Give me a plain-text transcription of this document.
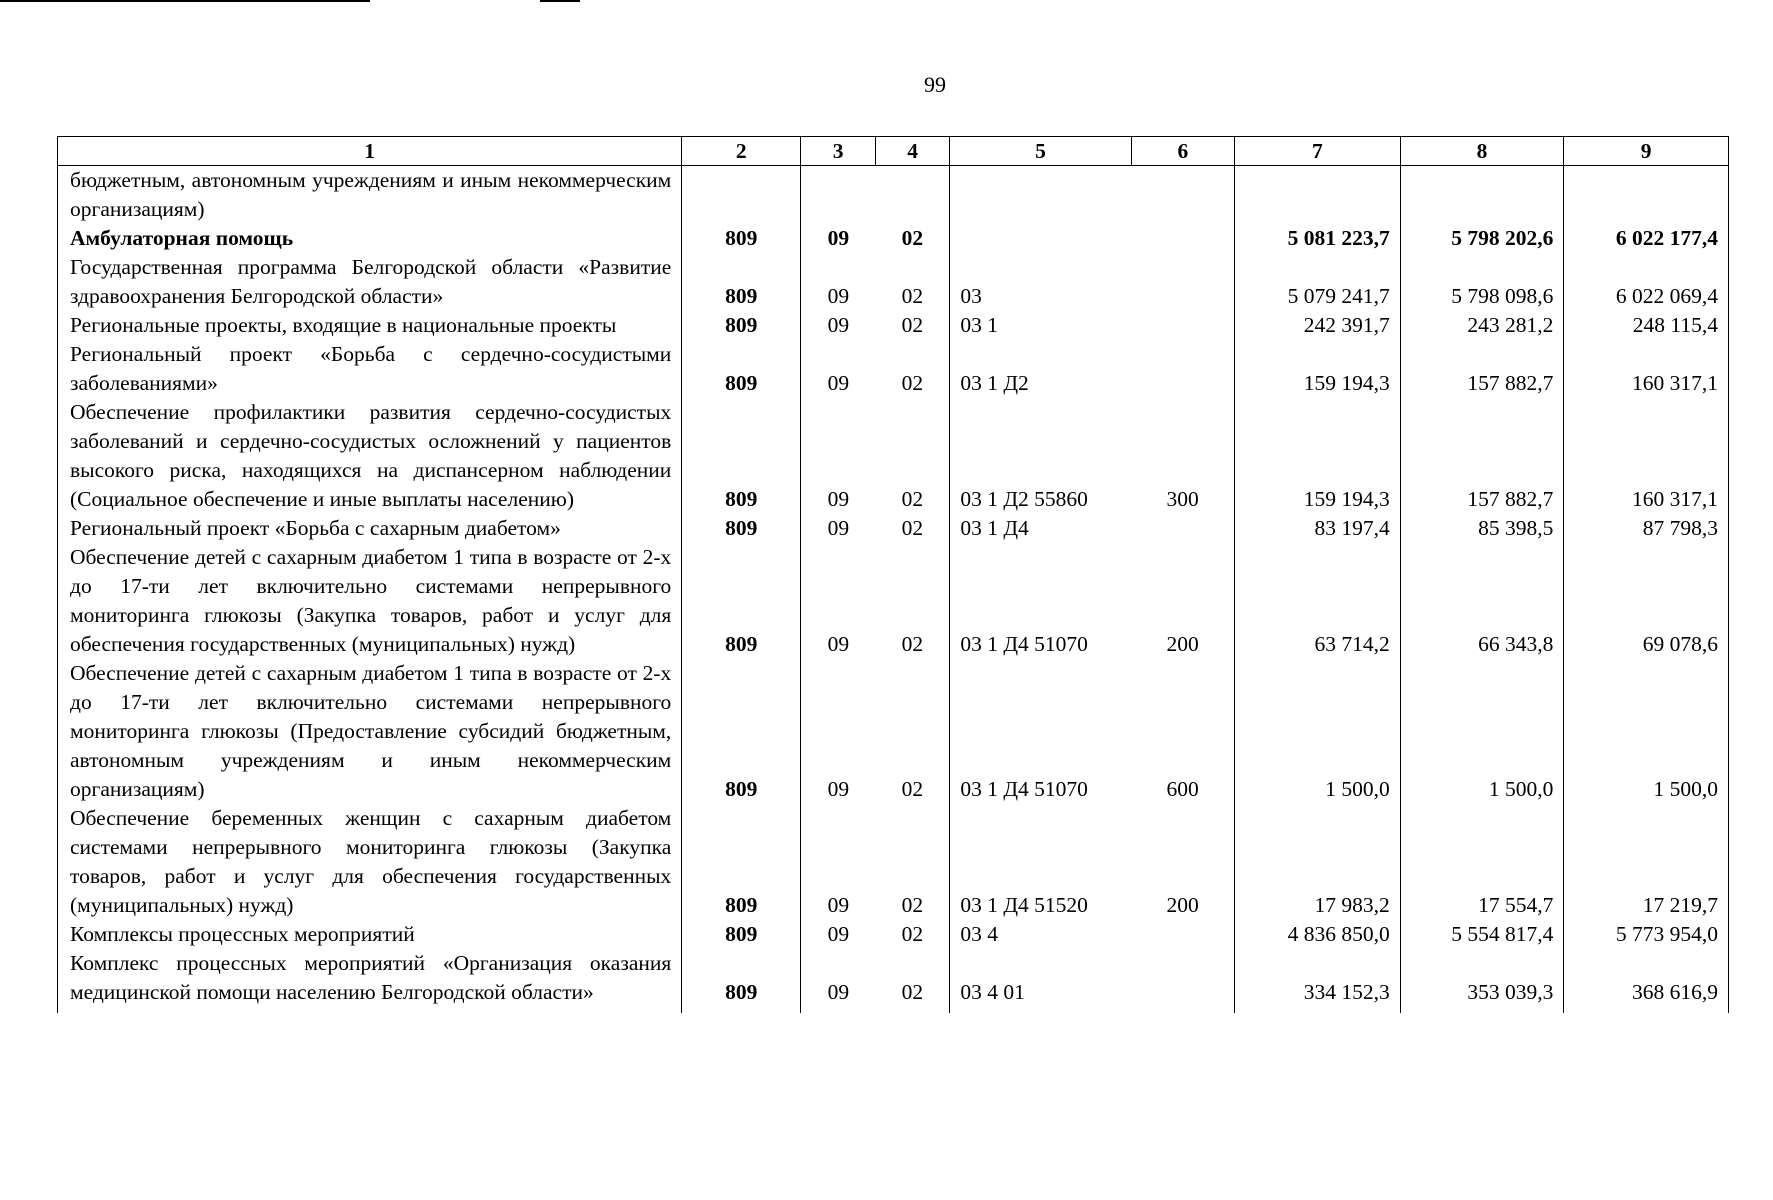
99
1	2	3	4	5	6	7	8	9

бюджетным, автономным учреждениям и иным некоммерческим организациям)								

Амбулаторная помощь	809	09	02			5 081 223,7	5 798 202,6	6 022 177,4

Государственная программа Белгородской области «Развитие здравоохранения Белгородской области»	809	09	02	03		5 079 241,7	5 798 098,6	6 022 069,4

Региональные проекты, входящие в национальные проекты	809	09	02	03 1		242 391,7	243 281,2	248 115,4

Региональный проект «Борьба с сердечно-сосудистыми заболеваниями»	809	09	02	03 1 Д2		159 194,3	157 882,7	160 317,1

Обеспечение профилактики развития сердечно-сосудистых заболеваний и сердечно-сосудистых осложнений у пациентов высокого риска, находящихся на диспансерном наблюдении (Социальное обеспечение и иные выплаты населению)	809	09	02	03 1 Д2 55860	300	159 194,3	157 882,7	160 317,1

Региональный проект «Борьба с сахарным диабетом»	809	09	02	03 1 Д4		83 197,4	85 398,5	87 798,3

Обеспечение детей с сахарным диабетом 1 типа в возрасте от 2-х до 17-ти лет включительно системами непрерывного мониторинга глюкозы (Закупка товаров, работ и услуг для обеспечения государственных (муниципальных) нужд)	809	09	02	03 1 Д4 51070	200	63 714,2	66 343,8	69 078,6

Обеспечение детей с сахарным диабетом 1 типа в возрасте от 2-х до 17-ти лет включительно системами непрерывного мониторинга глюкозы (Предоставление субсидий бюджетным, автономным учреждениям и иным некоммерческим организациям)	809	09	02	03 1 Д4 51070	600	1 500,0	1 500,0	1 500,0

Обеспечение беременных женщин с сахарным диабетом системами непрерывного мониторинга глюкозы (Закупка товаров, работ и услуг для обеспечения государственных (муниципальных) нужд)	809	09	02	03 1 Д4 51520	200	17 983,2	17 554,7	17 219,7

Комплексы процессных мероприятий	809	09	02	03 4		4 836 850,0	5 554 817,4	5 773 954,0

Комплекс процессных мероприятий «Организация оказания медицинской помощи населению Белгородской области»	809	09	02	03 4 01		334 152,3	353 039,3	368 616,9
